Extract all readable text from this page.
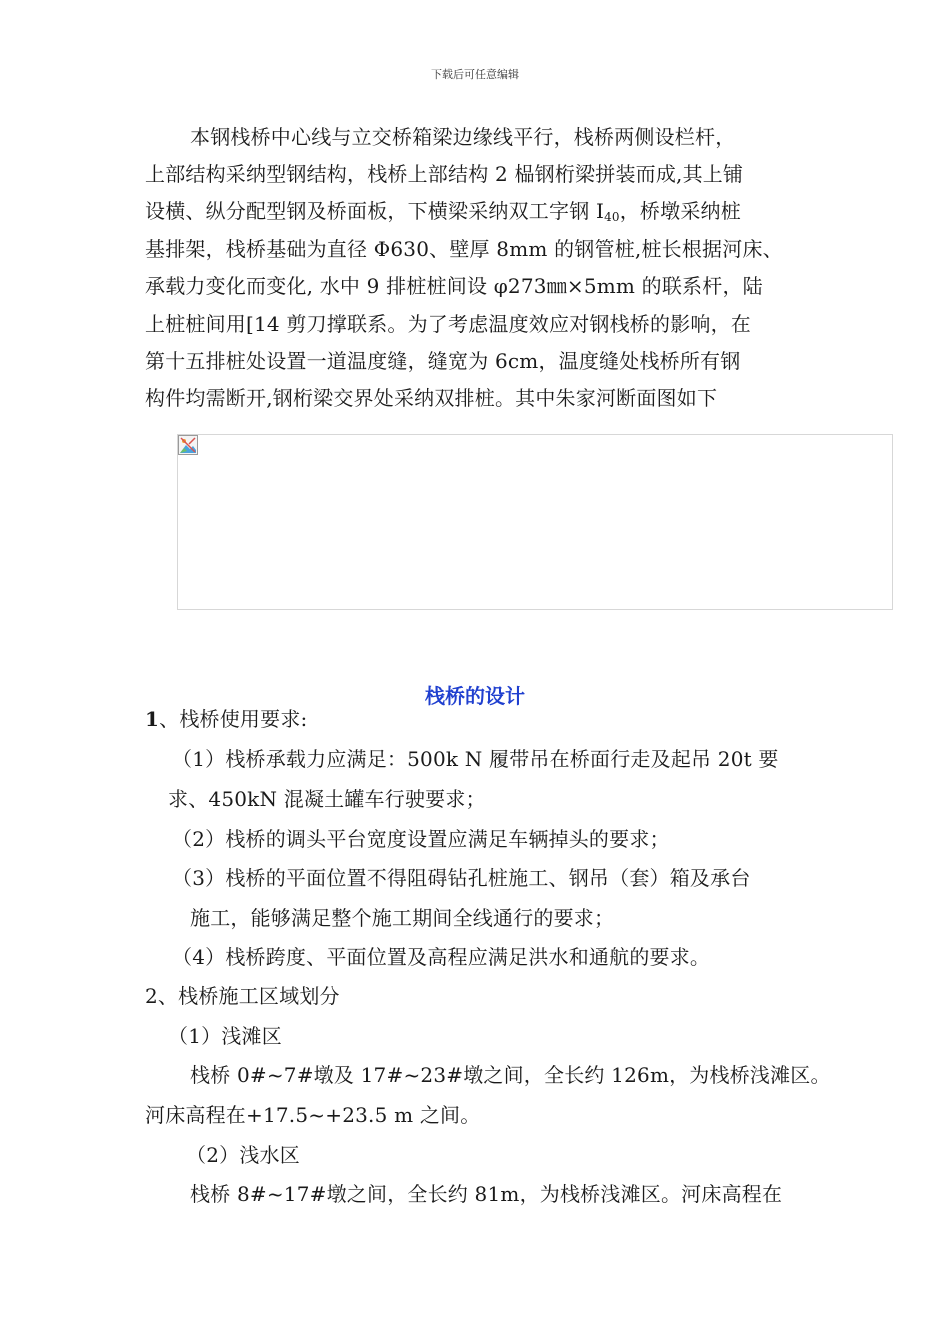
下载后可任意编辑
本钢栈桥中心线与立交桥箱梁边缘线平行，栈桥两侧设栏杆，
上部结构采纳型钢结构，栈桥上部结构 2 榀钢桁梁拼装而成,其上铺
设横、纵分配型钢及桥面板，下横梁采纳双工字钢 $I_{40}$，桥墩采纳桩
基排架，栈桥基础为直径 Φ630、壁厚 8mm 的钢管桩,桩长根据河床、
承载力变化而变化, 水中 9 排桩桩间设 φ273㎜×5mm 的联系杆，陆
上桩桩间用[14 剪刀撑联系。为了考虑温度效应对钢栈桥的影响，在
第十五排桩处设置一道温度缝，缝宽为 6cm，温度缝处栈桥所有钢
构件均需断开,钢桁梁交界处采纳双排桩。其中朱家河断面图如下
栈桥的设计
1、栈桥使用要求:
（1）栈桥承载力应满足：500k N 履带吊在桥面行走及起吊 20t 要
求、450kN 混凝土罐车行驶要求；
（2）栈桥的调头平台宽度设置应满足车辆掉头的要求；
（3）栈桥的平面位置不得阻碍钻孔桩施工、钢吊（套）箱及承台
施工，能够满足整个施工期间全线通行的要求；
（4）栈桥跨度、平面位置及高程应满足洪水和通航的要求。
2、栈桥施工区域划分
（1）浅滩区
栈桥 0#~7#墩及 17#~23#墩之间，全长约 126m，为栈桥浅滩区。
河床高程在+17.5~+23.5 m 之间。
（2）浅水区
栈桥 8#~17#墩之间，全长约 81m，为栈桥浅滩区。河床高程在
